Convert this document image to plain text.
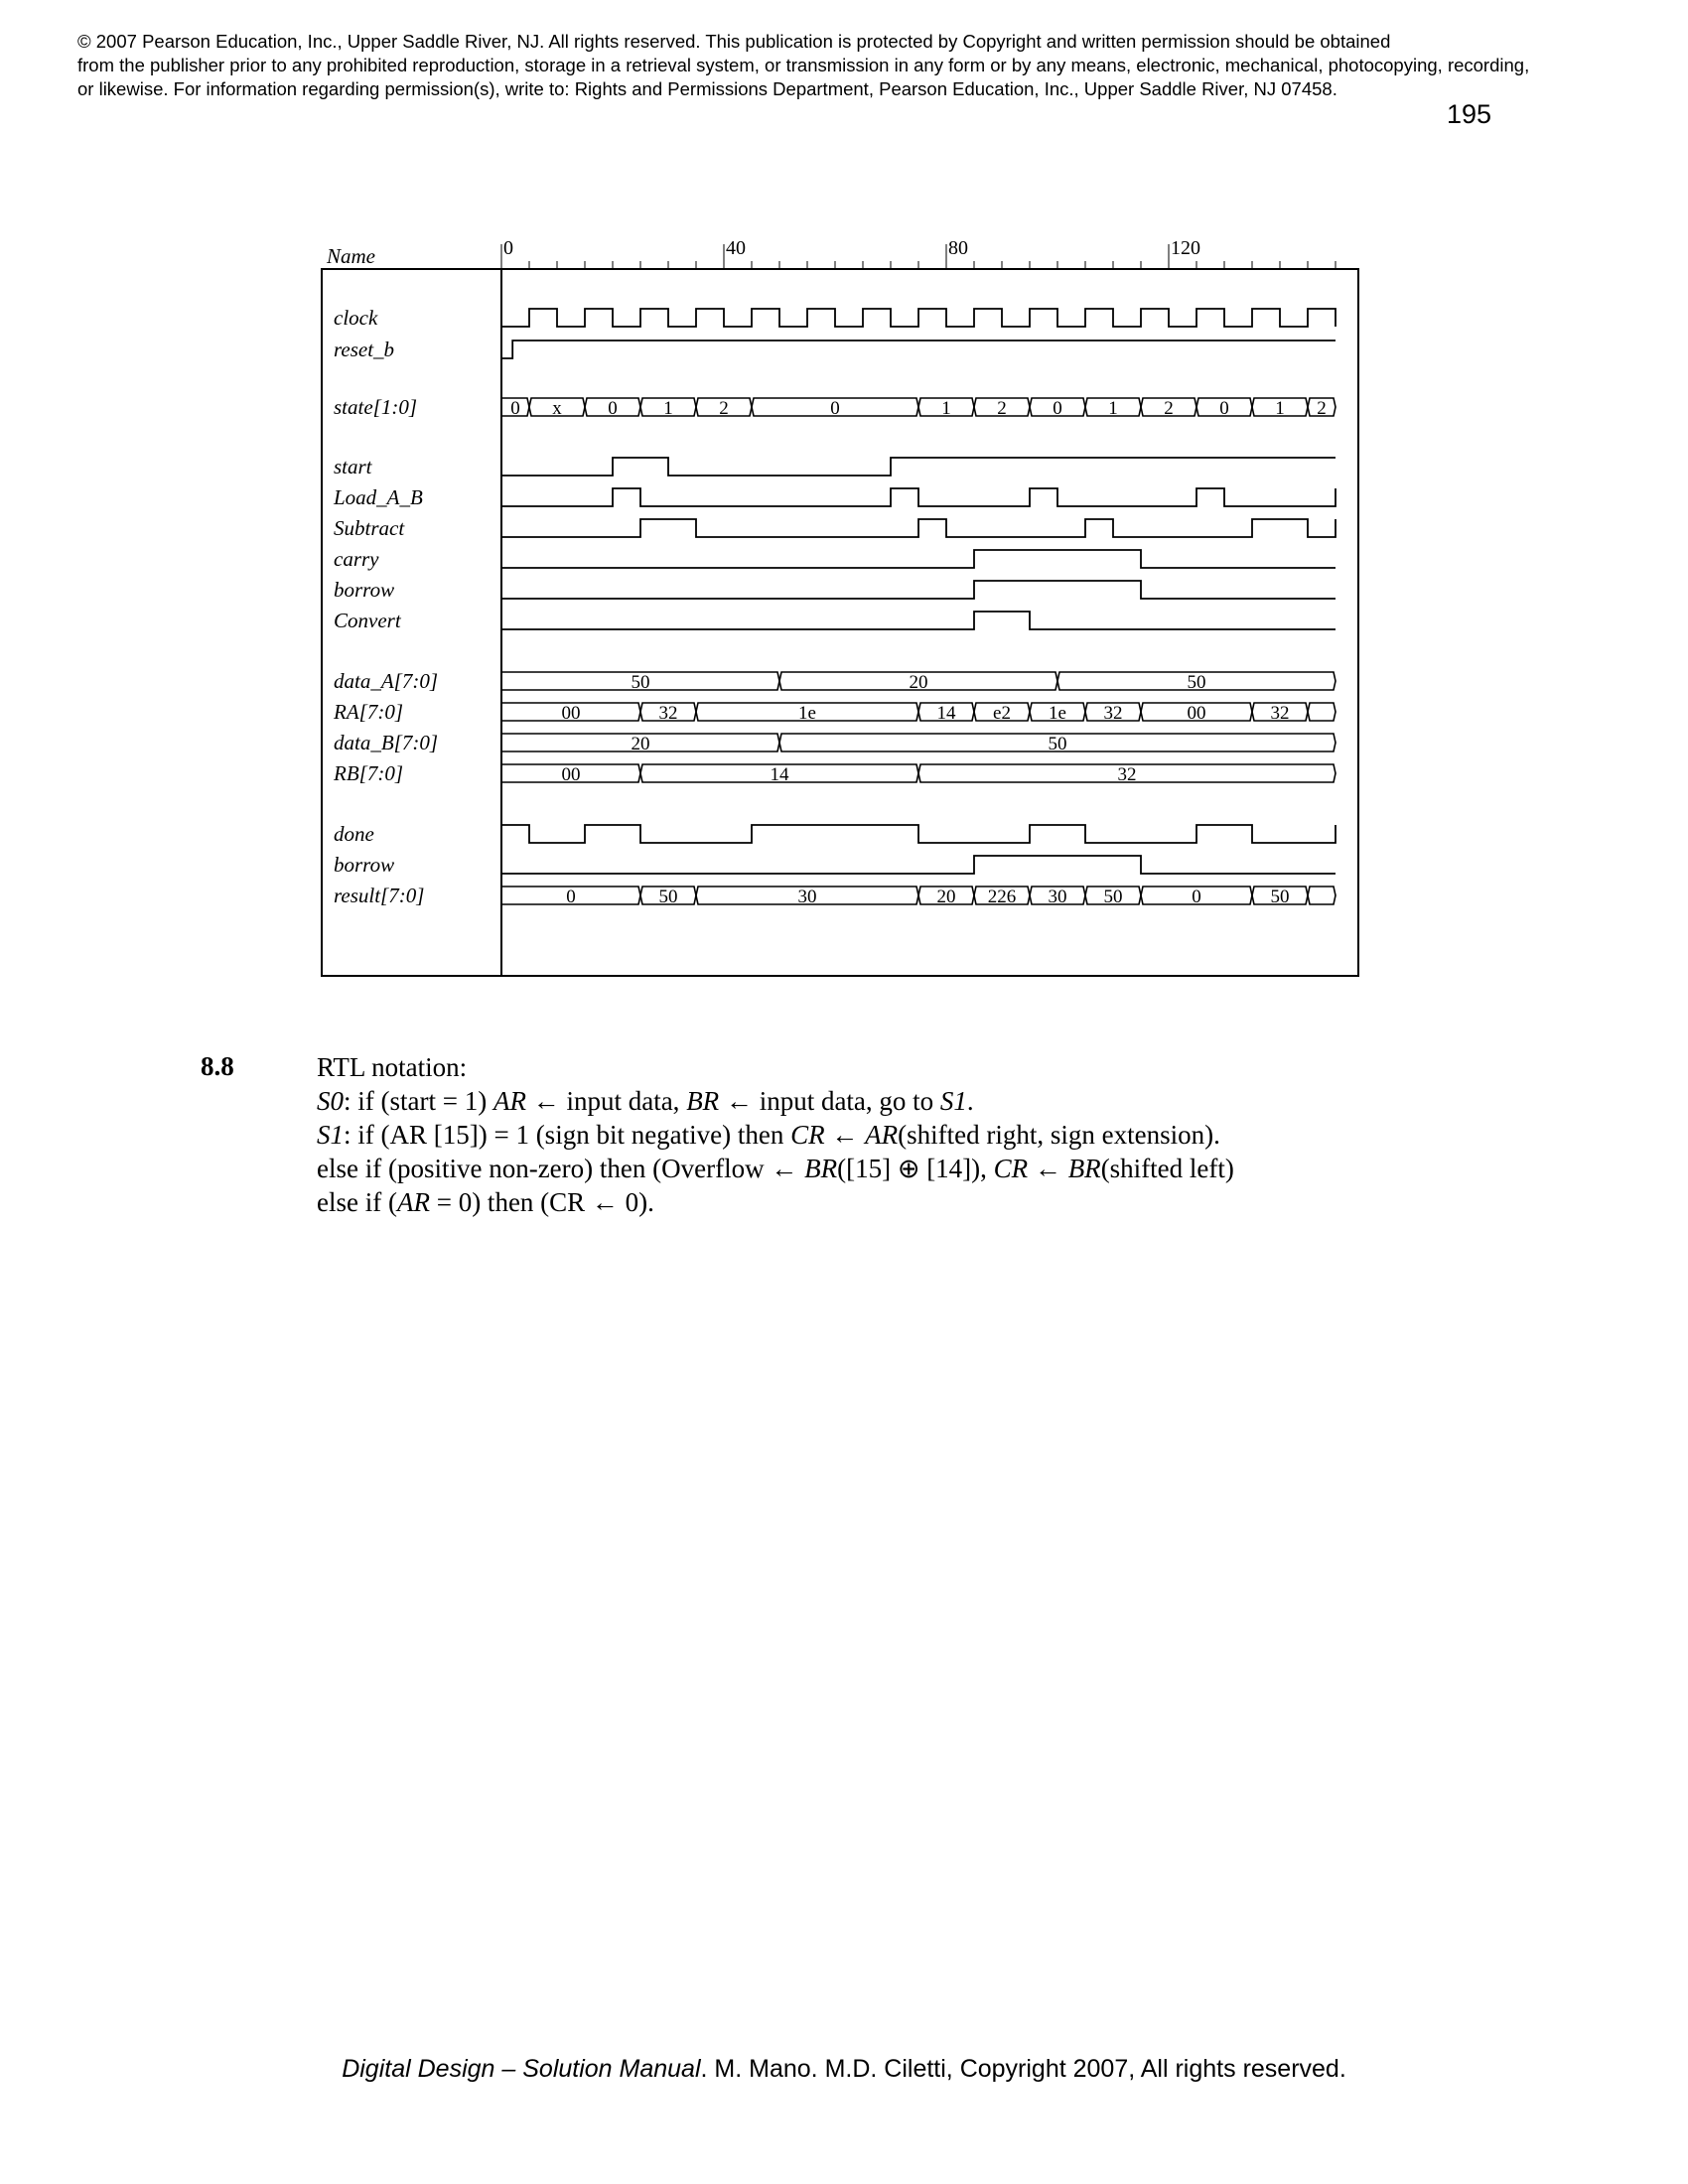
© 2007 Pearson Education, Inc., Upper Saddle River, NJ. All rights reserved. This publication is protected by Copyright and written permission should be obtained
from the publisher prior to any prohibited reproduction, storage in a retrieval system, or transmission in any form or by any means, electronic, mechanical, photocopying, recording,
or likewise. For information regarding permission(s), write to: Rights and Permissions Department, Pearson Education, Inc., Upper Saddle River, NJ 07458.
195
Name	0	40	80	120
clock
reset_b
state[1:0]
start
Load_A_B
Subtract
carry
borrow
Convert
data_A[7:0]
RA[7:0]
data_B[7:0]
RB[7:0]
done
borrow
result[7:0]
0 x 0 1 2	0	1 2 0 1 2 0 1 2
50	20	50
00	32	1e	14 e2 1e 32	00	32
20	50
00	14	32
0	50	30	20 226 30 50	0	50
8.8	RTL notation:
S0: if (start = 1) AR ← input data, BR ← input data, go to S1.
S1: if (AR [15]) = 1 (sign bit negative) then CR ← AR(shifted right, sign extension).
else if (positive non-zero) then (Overflow ← BR([15] ⊕ [14]), CR ← BR(shifted left)
else if (AR = 0) then (CR ← 0).
Digital Design – Solution Manual. M. Mano. M.D. Ciletti, Copyright 2007, All rights reserved.
